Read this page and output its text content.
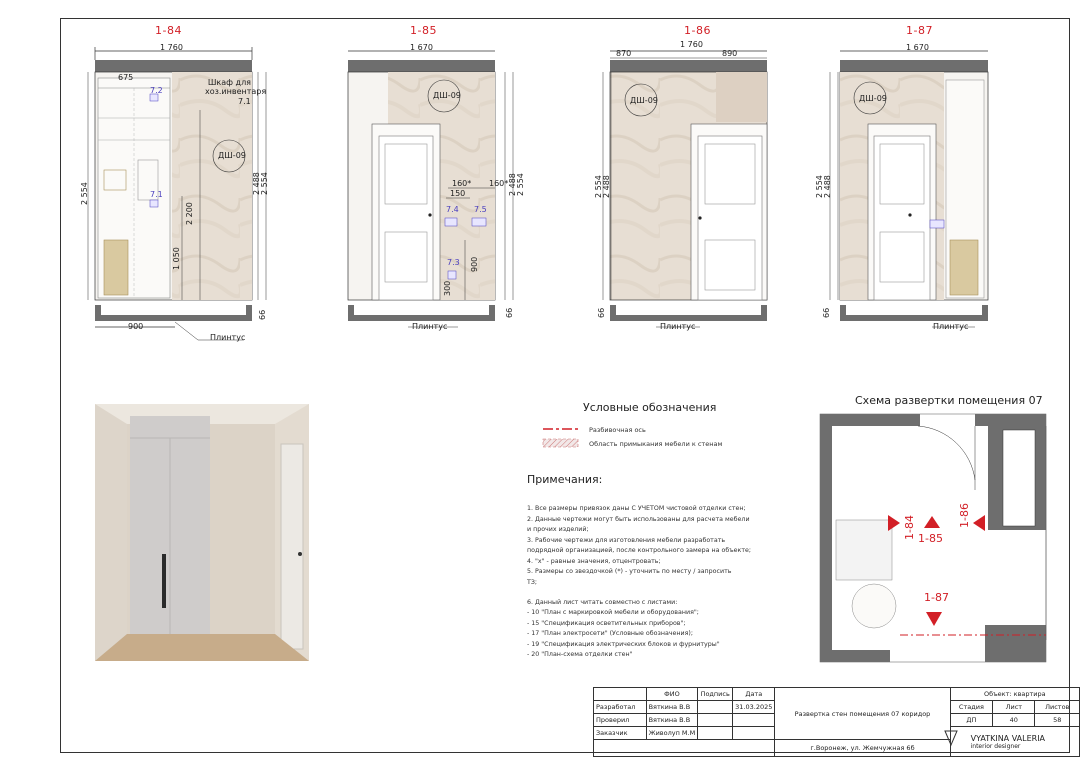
1-84	1-85	1-86	1-87
1 760
675
Шкаф для хоз.инвентаря
7.1
7.2
7.1
ДШ-09
2 554	2 488 2 554
2 200
1 050
900
66
Плинтус
1 670
ДШ-09
160*
150
160*
7.4 7.5
7.3 900
300
2 488 2 554
66
Плинтус
870	890
1 760
ДШ-09
2 554 2 488
66
Плинтус
1 670
ДШ-09
2 554 2 488
66
Плинтус
Условные обозначения
Разбивочная ось
Область примыкания мебели к стенам
Примечания:
1. Все размеры привязок даны С УЧЕТОМ чистовой отделки стен;
2. Данные чертежи могут быть использованы для расчета мебели
и прочих изделий;
3. Рабочие чертежи для изготовления мебели разработать
подрядной организацией, после контрольного замера на объекте;
4. "х" - равные значения, отцентровать;
5. Размеры со звездочкой (*) - уточнить по месту / запросить
ТЗ;
6. Данный лист читать совместно с листами:
- 10 "План с маркировкой мебели и оборудования";
- 15 "Спецификация осветительных приборов";
- 17 "План электросети" (Условные обозначения);
- 19 "Спецификация электрических блоков и фурнитуры"
- 20 "План-схема отделки стен"
Схема развертки помещения 07
1-84 1-85
1-86
1-87
	ФИО	Подпись	Дата	Развертка стен помещения 07 коридор	Объект: квартира		
Разработал	Вяткина В.В		31.03.2025		Стадия	Лист	Листов
Проверил	Вяткина В.В				ДП	40	58
Заказчик	Живолуп М.М				VYATKINA VALERIA
interior designer		

				г.Воронеж, ул. Жемчужная 6б			
